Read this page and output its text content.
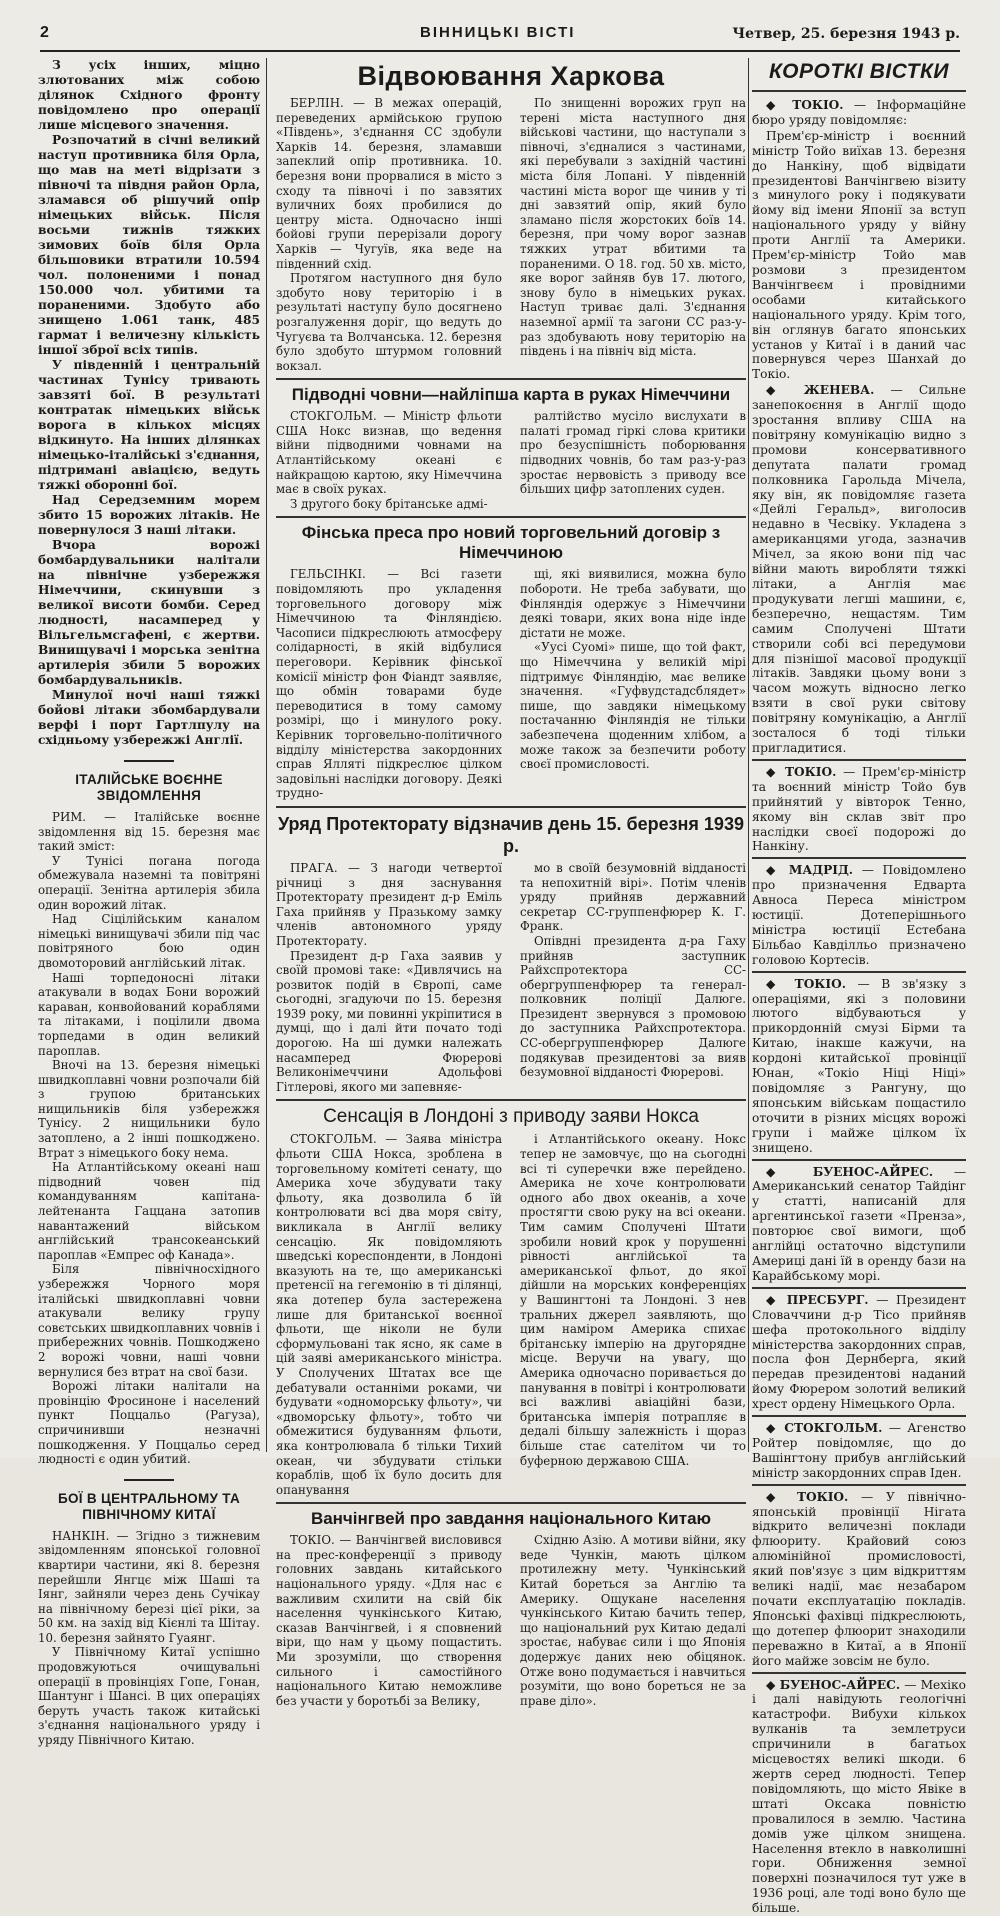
2	ВІННИЦЬКІ ВІСТІ	Четвер, 25. березня 1943 р.

З усіх інших, міцно злютованих між собою ділянок Східного фронту повідомлено про операції лише місцевого значення.

Розпочатий в січні великий наступ противника біля Орла, що мав на меті відрізати з півночі та півдня район Орла, зламався об рішучий опір німецьких військ. Після восьми тижнів тяжких зимових боїв біля Орла більшовики втратили 10.594 чол. полоненими і понад 150.000 чол. убитими та пораненими. Здобуто або знищено 1.061 танк, 485 гармат і величезну кількість іншої зброї всіх типів.

У південній і центральній частинах Тунісу тривають завзяті бої. В результаті контратак німецьких військ ворога в кількох місцях відкинуто. На інших ділянках німецько-італійські з'єднання, підтримані авіацією, ведуть тяжкі оборонні бої.

Над Середземним морем збито 15 ворожих літаків. Не повернулося 3 наші літаки.

Вчора ворожі бомбардувальники налітали на північне узбережжя Німеччини, скинувши з великої висоти бомби. Серед людності, насамперед у Вільгельмсгафені, є жертви. Винищувачі і морська зенітна артилерія збили 5 ворожих бомбардувальників.

Минулої ночі наші тяжкі бойові літаки збомбардували верфі і порт Гартлпулу на східньому узбережжі Англії.

ІТАЛІЙСЬКЕ ВОЄННЕ ЗВІДОМЛЕННЯ

РИМ. — Італійське воєнне звідомлення від 15. березня має такий зміст:

У Тунісі погана погода обмежувала наземні та повітряні операції. Зенітна артилерія збила один ворожий літак.

Над Сіцілійським каналом німецькі винищувачі збили під час повітряного бою один двомоторовий англійський літак.

Наші торпедоносні літаки атакували в водах Бони ворожий караван, конвойований кораблями та літаками, і поцілили двома торпедами в один великий пароплав.

Вночі на 13. березня німецькі швидкоплавні човни розпочали бій з групою британських нищильників біля узбережжя Тунісу. 2 нищильники було затоплено, а 2 інші пошкоджено. Втрат з німецького боку нема.

На Атлантійському океані наш підводний човен під командуванням капітана-лейтенанта Гаццана затопив навантажений військом англійський трансокеанський пароплав «Емпрес оф Канада».

Біля північносхідного узбережжя Чорного моря італійські швидкоплавні човни атакували велику групу совєтських швидкоплавних човнів і прибережних човнів. Пошкоджено 2 ворожі човни, наші човни вернулися без втрат на свої бази.

Ворожі літаки налітали на провінцію Фросиноне і населений пункт Поццальо (Рагуза), спричинивши незначні пошкодження. У Поццальо серед людності є один убитий.

БОЇ В ЦЕНТРАЛЬНОМУ ТА ПІВНІЧНОМУ КИТАЇ

НАНКІН. — Згідно з тижневим звідомленням японської головної квартири частини, які 8. березня перейшли Янгцє між Шаші та Іянг, зайняли через день Сучікау на північному березі цієї ріки, за 50 км. на захід від Кієнлі та Шітау. 10. березня зайнято Гуаянг.

У Північному Китаї успішно продовжуються очищувальні операції в провінціях Гопе, Гонан, Шантунг і Шансі. В цих операціях беруть участь також китайські з'єднання національного уряду і уряду Північного Китаю.

Відвоювання Харкова

БЕРЛІН. — В межах операцій, переведених армійською групою «Південь», з'єднання СС здобули Харків 14. березня, зламавши запеклий опір противника. 10. березня вони прорвалися в місто з сходу та півночі і по завзятих вуличних боях пробилися до центру міста. Одночасно інші бойові групи перерізали дорогу Харків — Чугуїв, яка веде на південний схід.

Протягом наступного дня було здобуто нову територію і в результаті наступу було досягнено розгалуження доріг, що ведуть до Чугуєва та Волчанська. 12. березня було здобуто штурмом головний вокзал.

По знищенні ворожих груп на терені міста наступного дня військові частини, що наступали з півночі, з'єдналися з частинами, які перебували з західній частині міста біля Лопані. У південній частині міста ворог ще чинив у ті дні завзятий опір, який було зламано після жорстоких боїв 14. березня, при чому ворог зазнав тяжких утрат вбитими та пораненими. О 18. год. 50 хв. місто, яке ворог зайняв був 17. лютого, знову було в німецьких руках. Наступ триває далі. З'єднання наземної армії та загони СС раз-у-раз здобувають нову територію на південь і на північ від міста.

Підводні човни—найліпша карта в руках Німеччини

СТОКГОЛЬМ. — Міністр фльоти США Нокс визнав, що ведення війни підводними човнами на Атлантійському океані є найкращою картою, яку Німеччина має в своїх руках.

З другого боку брітанське адмі-

ралтійство мусіло вислухати в палаті громад гіркі слова критики про безуспішність поборювання підводних човнів, бо там раз-у-раз зростає нервовість з приводу все більших цифр затоплених суден.

Фінська преса про новий торговельний договір з Німеччиною

ГЕЛЬСІНКІ. — Всі газети повідомляють про укладення торговельного договору між Німеччиною та Фінляндією. Часописи підкреслюють атмосферу солідарності, в якій відбулися переговори. Керівник фінської комісії міністр фон Фіандт заявляє, що обмін товарами буде переводитися в тому самому розмірі, що і минулого року. Керівник торговельно-політичного відділу міністерства закордонних справ Ялляті підкреслює цілком задовільні наслідки договору. Деякі трудно-

щі, які виявилися, можна було побороти. Не треба забувати, що Фінляндія одержує з Німеччини деякі товари, яких вона ніде інде дістати не може.

«Уусі Суомі» пише, що той факт, що Німеччина у великій мірі підтримує Фінляндію, має велике значення. «Гуфвудстадсблядет» пише, що завдяки німецькому постачанню Фінляндія не тільки забезпечена щоденним хлібом, а може також за безпечити роботу своєї промисловості.

Уряд Протекторату відзначив день 15. березня 1939 р.

ПРАГА. — З нагоди четвертої річниці з дня заснування Протекторату президент д-р Еміль Гаха прийняв у Празькому замку членів автономного уряду Протекторату.

Президент д-р Гаха заявив у своїй промові таке: «Дивлячись на розвиток подій в Європі, саме сьогодні, згадуючи по 15. березня 1939 року, ми повинні укріпитися в думці, що і далі йти почато тоді дорогою. На ші думки належать насамперед Фюрерові Великонімеччини Адольфові Гітлерові, якого ми запевняє-

мо в своїй безумовній відданості та непохитній вірі». Потім членів уряду прийняв державний секретар СС-группенфюрер К. Г. Франк.

Опівдні президента д-ра Гаху прийняв заступник Райхспротектора СС-обергруппенфюрер та генерал-полковник поліції Далюге. Президент звернувся з промовою до заступника Райхспротектора. СС-обергруппенфюрер Далюге подякував президентові за вияв безумовної відданості Фюрерові.

Сенсація в Лондоні з приводу заяви Нокса

СТОКГОЛЬМ. — Заява міністра фльоти США Нокса, зроблена в торговельному комітеті сенату, що Америка хоче збудувати таку фльоту, яка дозволила б їй контролювати всі два моря світу, викликала в Англії велику сенсацію. Як повідомляють шведські кореспонденти, в Лондоні вказують на те, що американські претенсії на гегемонію в ті ділянці, яка дотепер була застережена лише для британської воєнної фльоти, ще ніколи не були сформульовані так ясно, як саме в цій заяві американського міністра. У Сполучених Штатах все ще дебатували останніми роками, чи будувати «одноморську фльоту», чи «двоморську фльоту», тобто чи обмежитися будуванням фльоти, яка контролювала б тільки Тихий океан, чи збудувати стільки кораблів, щоб їх було досить для опанування

і Атлантійського океану. Нокс тепер не замовчує, що на сьогодні всі ті суперечки вже перейдено. Америка не хоче контролювати одного або двох океанів, а хоче простягти свою руку на всі океани. Тим самим Сполучені Штати зробили новий крок у порушенні рівності англійської та американської фльот, до якої дійшли на морських конференціях у Вашингтоні та Лондоні. З нев тральних джерел заявляють, що цим наміром Америка спихає брітанську імперію на другорядне місце. Веручи на увагу, що Америка одночасно поривається до панування в повітрі і контролювати всі важливі авіаційні бази, британська імперія потрапляє в дедалі більшу залежність і щораз більше стає сателітом чи то буферною державою США.

Ванчінгвей про завдання національного Китаю

ТОКІО. — Ванчінгвей висловився на прес-конференції з приводу головних завдань китайського національного уряду. «Для нас є важливим схилити на свій бік населення чункінського Китаю, сказав Ванчінгвей, і я сповнений віри, що нам у цьому пощастить. Ми зрозуміли, що створення сильного і самостійного національного Китаю неможливе без участи у боротьбі за Велику,

Східню Азію. А мотиви війни, яку веде Чункін, мають цілком протилежну мету. Чункінський Китай бореться за Англію та Америку. Ощукане населення чункінського Китаю бачить тепер, що національний рух Китаю дедалі зростає, набуває сили і що Японія додержує даних нею обіцянок. Отже воно подумається і навчиться розуміти, що воно бореться не за праве діло».

КОРОТКІ ВІСТКИ

◆ ТОКІО. — Інформаційне бюро уряду повідомляє:

Прем'єр-міністр і воєнний міністр Тойо виїхав 13. березня до Нанкіну, щоб відвідати президентові Ванчінгвею візиту з минулого року і подякувати йому від імени Японії за вступ національного уряду у війну проти Англії та Америки. Прем'єр-міністр Тойо мав розмови з президентом Ванчінгвеєм і провідними особами китайського національного уряду. Крім того, він оглянув багато японських установ у Китаї і в даний час повернувся через Шанхай до Токіо.

◆ ЖЕНЕВА. — Сильне занепокоєння в Англії щодо зростання впливу США на повітряну комунікацію видно з промови консервативного депутата палати громад полковника Гарольда Мічела, яку він, як повідомляє газета «Дейлі Геральд», виголосив недавно в Чесвіку. Укладена з американцями угода, зазначив Мічел, за якою вони під час війни мають виробляти тяжкі літаки, а Англія має продукувати легші машини, є, безперечно, нещастям. Тим самим Сполучені Штати створили собі всі передумови для пізнішої масової продукції літаків. Завдяки цьому вони з часом можуть відносно легко взяти в свої руки світову повітряну комунікацію, а Англії зосталося б тоді тільки пригладитися.

◆ ТОКІО. — Прем'єр-міністр та воєнний міністр Тойо був прийнятий у вівторок Тенно, якому він склав звіт про наслідки своєї подорожі до Нанкіну.

◆ МАДРІД. — Повідомлено про призначення Едварта Авноса Переса міністром юстиції. Дотеперішнього міністра юстиції Естебана Більбао Кавділльо призначено головою Кортесів.

◆ ТОКІО. — В зв'язку з операціями, які з половини лютого відбуваються у прикордонній смузі Бірми та Китаю, інакше кажучи, на кордоні китайської провінції Юнан, «Токіо Ніці Ніці» повідомляє з Рангуну, що японським військам пощастило оточити в різних місцях ворожі групи і майже цілком їх знищено.

◆ БУЕНОС-АЙРЕС. — Американський сенатор Тайдінг у статті, написаній для аргентинської газети «Пренза», повторює свої вимоги, щоб англійці остаточно відступили Америці дані їй в оренду бази на Карайбському морі.

◆ ПРЕСБУРГ. — Президент Словаччини д-р Тісо прийняв шефа протокольного відділу міністерства закордонних справ, посла фон Дернберга, який передав президентові наданий йому Фюрером золотий великий хрест ордену Німецького Орла.

◆ СТОКГОЛЬМ. — Агенство Ройтер повідомляє, що до Вашінгтону прибув англійський міністр закордонних справ Іден.

◆ ТОКІО. — У північно-японській провінції Нігата відкрито величезні поклади флюориту. Крайовий союз алюмінійної промисловості, який пов'язує з цим відкриттям великі надії, має незабаром почати експлуатацію покладів. Японські фахівці підкреслюють, що дотепер флюорит знаходили переважно в Китаї, а в Японії його майже зовсім не було.

◆ БУЕНОС-АЙРЕС. — Мехіко і далі навідують геологічні катастрофи. Вибухи кількох вулканів та землетруси спричинили в багатьох місцевостях великі шкоди. 6 жертв серед людності. Тепер повідомляють, що місто Явіке в штаті Оксака повністю провалилося в землю. Частина домів уже цілком знищена. Населення втекло в навколишні гори. Обниження земної поверхні позначилося тут уже в 1936 році, але тоді воно було ще більше.
